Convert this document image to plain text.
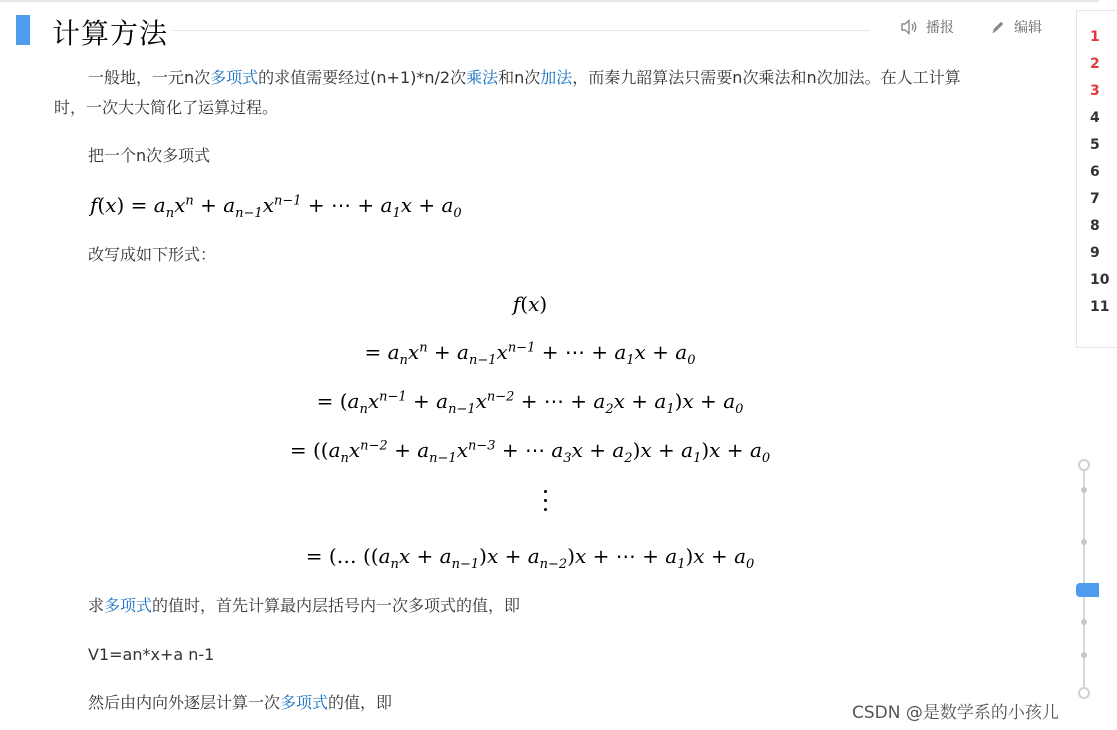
计算方法	播报	编辑
一般地，一元n次多项式的求值需要经过(n+1)*n/2次乘法和n次加法，而秦九韶算法只需要n次乘法和n次加法。在人工计算
时，一次大大简化了运算过程。
把一个n次多项式
$f(x) = a_nx^n + a_{n-1}x^{n-1}$ + ⋯ + $a_1x + a_0$
改写成如下形式：
f(x)
= $a_nx^n + a_{n-1}x^{n-1}$ + ⋯ + $a_1x + a_0$
= ($a_nx^{n-1} + a_{n-1}x^{n-2}$ + ⋯ + $a_2x + a_1)x + a_0$
= (($a_nx^{n-2} + a_{n-1}x^{n-3}$ + ⋯ $a_3x + a_2)x + a_1)x + a_0$
= (… $((a_nx + a_{n-1})x + a_{n-2})x$ + ⋯ + $a_1)x + a_0$
求多项式的值时，首先计算最内层括号内一次多项式的值，即
V1=an*x+a n-1
然后由内向外逐层计算一次多项式的值，即
1
2
3
4
5
6
7
8
9
10
11
CSDN @是数学系的小孩儿
